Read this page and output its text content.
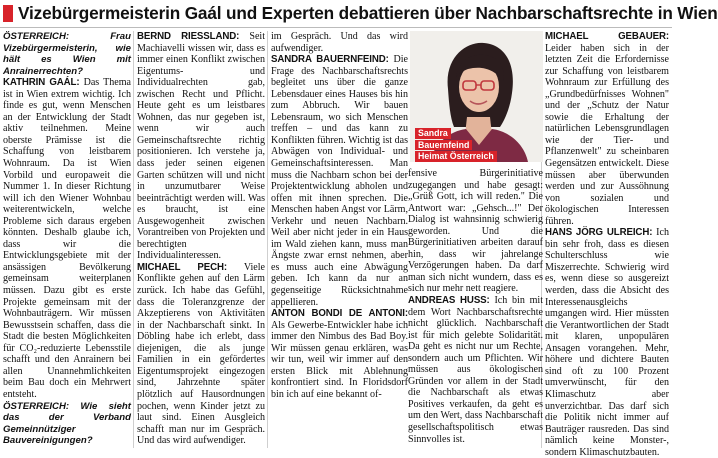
Vizebürgermeisterin Gaál und Experten debattieren über Nachbarschaftsrechte in Wien

ÖSTERREICH: Frau Vizebürgermeisterin, wie hält es Wien mit Anrainerrechten?

KATHRIN GAÁL: Das Thema ist in Wien extrem wichtig. Ich finde es gut, wenn Menschen an der Entwicklung der Stadt aktiv teilnehmen. Meine oberste Prämisse ist die Schaffung von leistbarem Wohnraum. Da ist Wien Vorbild und europaweit die Nummer 1. In dieser Richtung will ich den Wiener Wohnbau weiterentwickeln, welche Probleme sich daraus ergeben könnten. Deshalb glaube ich, dass wir die Entwicklungsgebiete mit der ansässigen Bevölkerung gemeinsam weiterplanen müssen. Dazu gibt es erste Projekte gemeinsam mit der Wohnbauträgern. Wir müssen Bewusstsein schaffen, dass die Stadt die besten Möglichkeiten für CO₂-reduzierte Lebensstile schafft und den Anrainern bei allen Unannehmlichkeiten beim Bau doch ein Mehrwert entsteht.

ÖSTERREICH: Wie sieht das der Verband Gemeinnütziger Bauvereinigungen?

BERND RIESSLAND: Seit Machiavelli wissen wir, dass es immer einen Konflikt zwischen Eigentums- und Individualrechten gab, zwischen Recht und Pflicht. Heute geht es um leistbares Wohnen, das nur gegeben ist, wenn wir auch Gemeinschaftsrechte richtig positionieren. Ich verstehe ja, dass jeder seinen eigenen Garten schützen will und nicht in unzumutbarer Weise beeinträchtigt werden will. Was es braucht, ist eine Ausgewogenheit zwischen Vorantreiben von Projekten und berechtigten Individualinteressen.

MICHAEL PECH: Viele Konflikte gehen auf den Lärm zurück. Ich habe das Gefühl, dass die Toleranzgrenze der Akzeptierens von Aktivitäten in der Nachbarschaft sinkt. In Döbling habe ich erlebt, dass diejenigen, die als junge Familien in ein gefördertes Eigentumsprojekt eingezogen sind, Jahrzehnte später plötzlich auf Hausordnungen pochen, wenn Kinder jetzt zu laut sind. Einen Ausgleich schafft man nur im Gespräch. Und das wird aufwendiger.

im Gespräch. Und das wird aufwendiger.

SANDRA BAUERNFEIND: Die Frage des Nachbarschaftsrechts begleitet uns über die ganze Lebensdauer eines Hauses bis hin zum Abbruch. Wir bauen Lebensraum, wo sich Menschen treffen – und das kann zu Konflikten führen. Wichtig ist das Abwägen von Individual- und Gemeinschaftsinteressen. Man muss die Nachbarn schon bei der Projektentwicklung abholen und offen mit ihnen sprechen. Die Menschen haben Angst vor Lärm, Verkehr und neuen Nachbarn. Weil aber nicht jeder in ein Haus im Wald ziehen kann, muss man Ängste zwar ernst nehmen, aber es muss auch eine Abwägung geben. Ich kann da nur an gegenseitige Rücksichtnahme appellieren.

ANTON BONDI DE ANTONI: Als Gewerbe-Entwickler habe ich immer den Nimbus des Bad Boy. Wir müssen genau erklären, was wir tun, weil wir immer auf den ersten Blick mit Ablehnung konfrontiert sind. In Floridsdorf bin ich auf eine bekannt of-

Sandra
Bauernfeind
Heimat Österreich

fensive Bürgerinitiative zugegangen und habe gesagt: „Grüß Gott, ich will reden." Die Antwort war: „Gehsch...!" Der Dialog ist wahnsinnig schwierig geworden. Und die Bürgerinitiativen arbeiten darauf hin, dass wir jahrelange Verzögerungen haben. Da darf man sich nicht wundern, dass es sich nur mehr nett reagiere.

ANDREAS HUSS: Ich bin mit dem Wort Nachbarschaftsrechte nicht glücklich. Nachbarschaft ist für mich gelebte Solidarität. Da geht es nicht nur um Rechte, sondern auch um Pflichten. Wir müssen aus ökologischen Gründen vor allem in der Stadt die Nachbarschaft als etwas Positives verkaufen, da geht es um den Wert, dass Nachbarschaft gesellschaftspolitisch etwas Sinnvolles ist.

MICHAEL GEBAUER: Leider haben sich in der letzten Zeit die Erfordernisse zur Schaffung von leistbarem Wohnraum zur Erfüllung des „Grundbedürfnisses Wohnen" und der „Schutz der Natur sowie die Erhaltung der natürlichen Lebensgrundlagen wie der Tier- und Pflanzenwelt" zu scheinbaren Gegensätzen entwickelt. Diese müssen aber überwunden werden und zur Aussöhnung von sozialen und ökologischen Interessen führen.

HANS JÖRG ULREICH: Ich bin sehr froh, dass es diesen Schulterschluss wie Miszerrechte. Schwierig wird es, wenn diese so ausgereizt werden, dass die Absicht des Interessenausgleichs umgangen wird. Hier müssten die Verantwortlichen der Stadt mit klaren, unpopulären Ansagen vorangehen. Mehr, höhere und dichtere Bauten sind oft zu 100 Prozent umverwünscht, für den Klimaschutz aber unverzichtbar. Das darf sich die Politik nicht immer auf Bauträger rausreden. Das sind nämlich keine Monster-, sondern Klimaschutzbauten.
